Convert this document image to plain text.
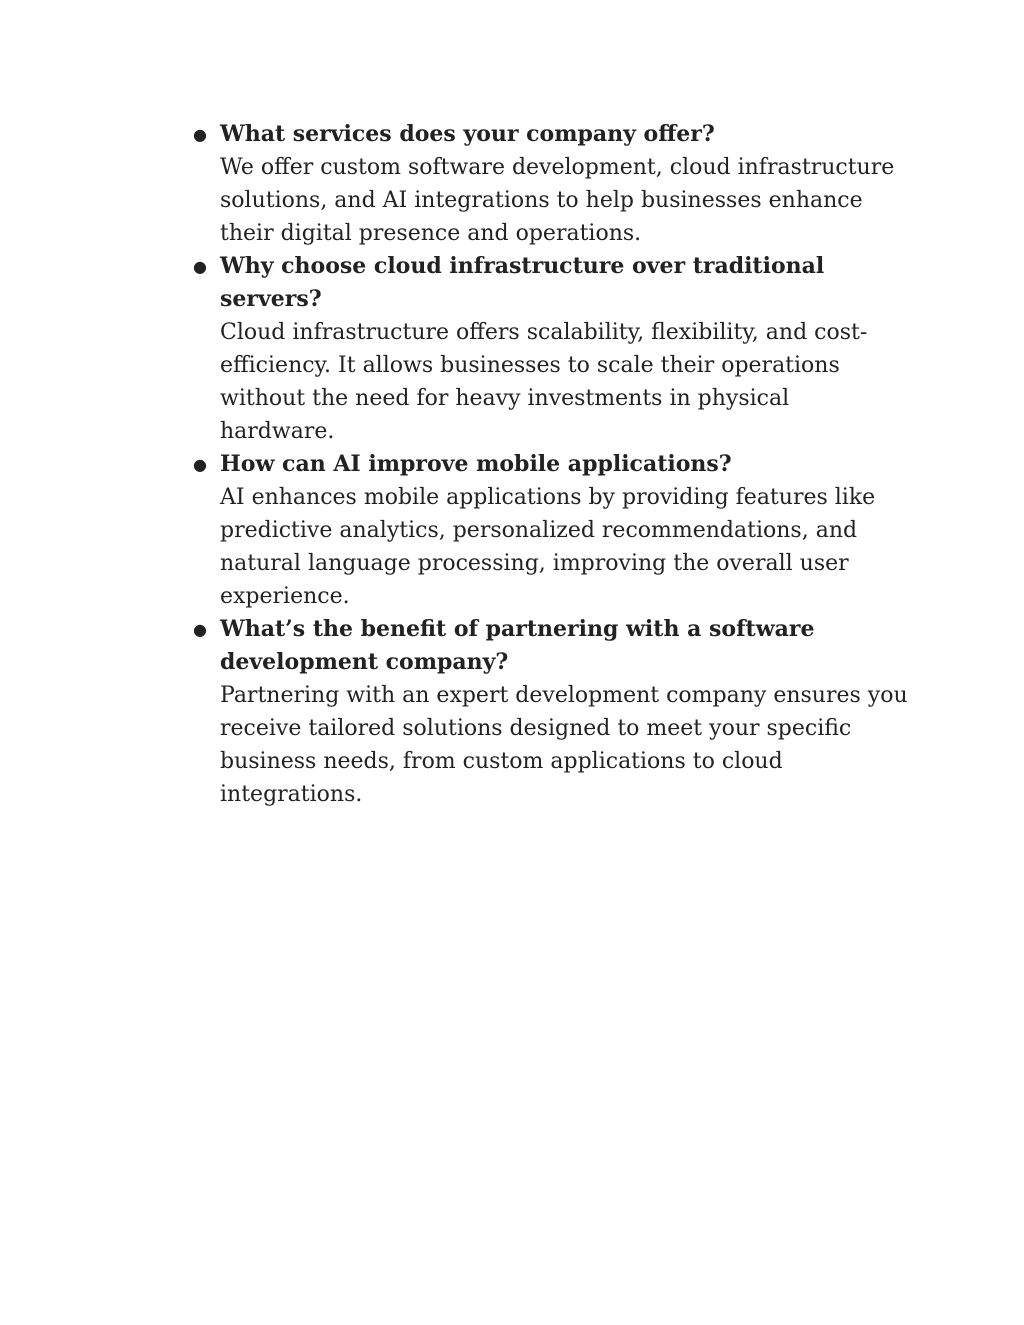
● What services does your company offer?

We offer custom software development, cloud infrastructure solutions, and AI integrations to help businesses enhance their digital presence and operations.

● Why choose cloud infrastructure over traditional servers?

Cloud infrastructure offers scalability, flexibility, and cost-efficiency. It allows businesses to scale their operations without the need for heavy investments in physical hardware.

● How can AI improve mobile applications?

AI enhances mobile applications by providing features like predictive analytics, personalized recommendations, and natural language processing, improving the overall user experience.

● What’s the benefit of partnering with a software development company?

Partnering with an expert development company ensures you receive tailored solutions designed to meet your specific business needs, from custom applications to cloud integrations.
